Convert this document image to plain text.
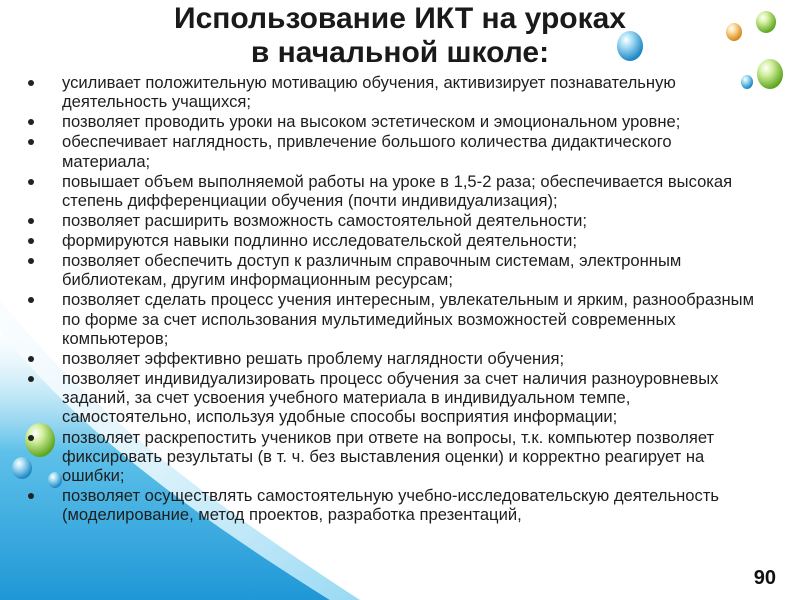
Использование ИКТ на уроках
в начальной школе:
усиливает положительную мотивацию обучения, активизирует познавательную деятельность учащихся;
позволяет проводить уроки на высоком эстетическом и эмоциональном уровне;
обеспечивает наглядность, привлечение большого количества дидактического материала;
повышает объем выполняемой работы на уроке в 1,5-2 раза; обеспечивается высокая степень дифференциации обучения (почти индивидуализация);
позволяет расширить возможность самостоятельной деятельности;
формируются навыки подлинно исследовательской деятельности;
позволяет обеспечить доступ к различным справочным системам, электронным библиотекам, другим информационным ресурсам;
позволяет сделать процесс учения интересным, увлекательным и ярким, разнообразным по форме за счет использования мультимедийных возможностей современных компьютеров;
позволяет эффективно решать проблему наглядности обучения;
позволяет индивидуализировать процесс обучения за счет наличия разноуровневых заданий, за счет усвоения учебного материала в индивидуальном темпе, самостоятельно, используя удобные способы восприятия информации;
позволяет раскрепостить учеников при ответе на вопросы, т.к. компьютер позволяет фиксировать результаты (в т. ч. без выставления оценки) и корректно реагирует на ошибки;
позволяет осуществлять самостоятельную учебно-исследовательскую деятельность (моделирование, метод проектов, разработка презентаций,
90
